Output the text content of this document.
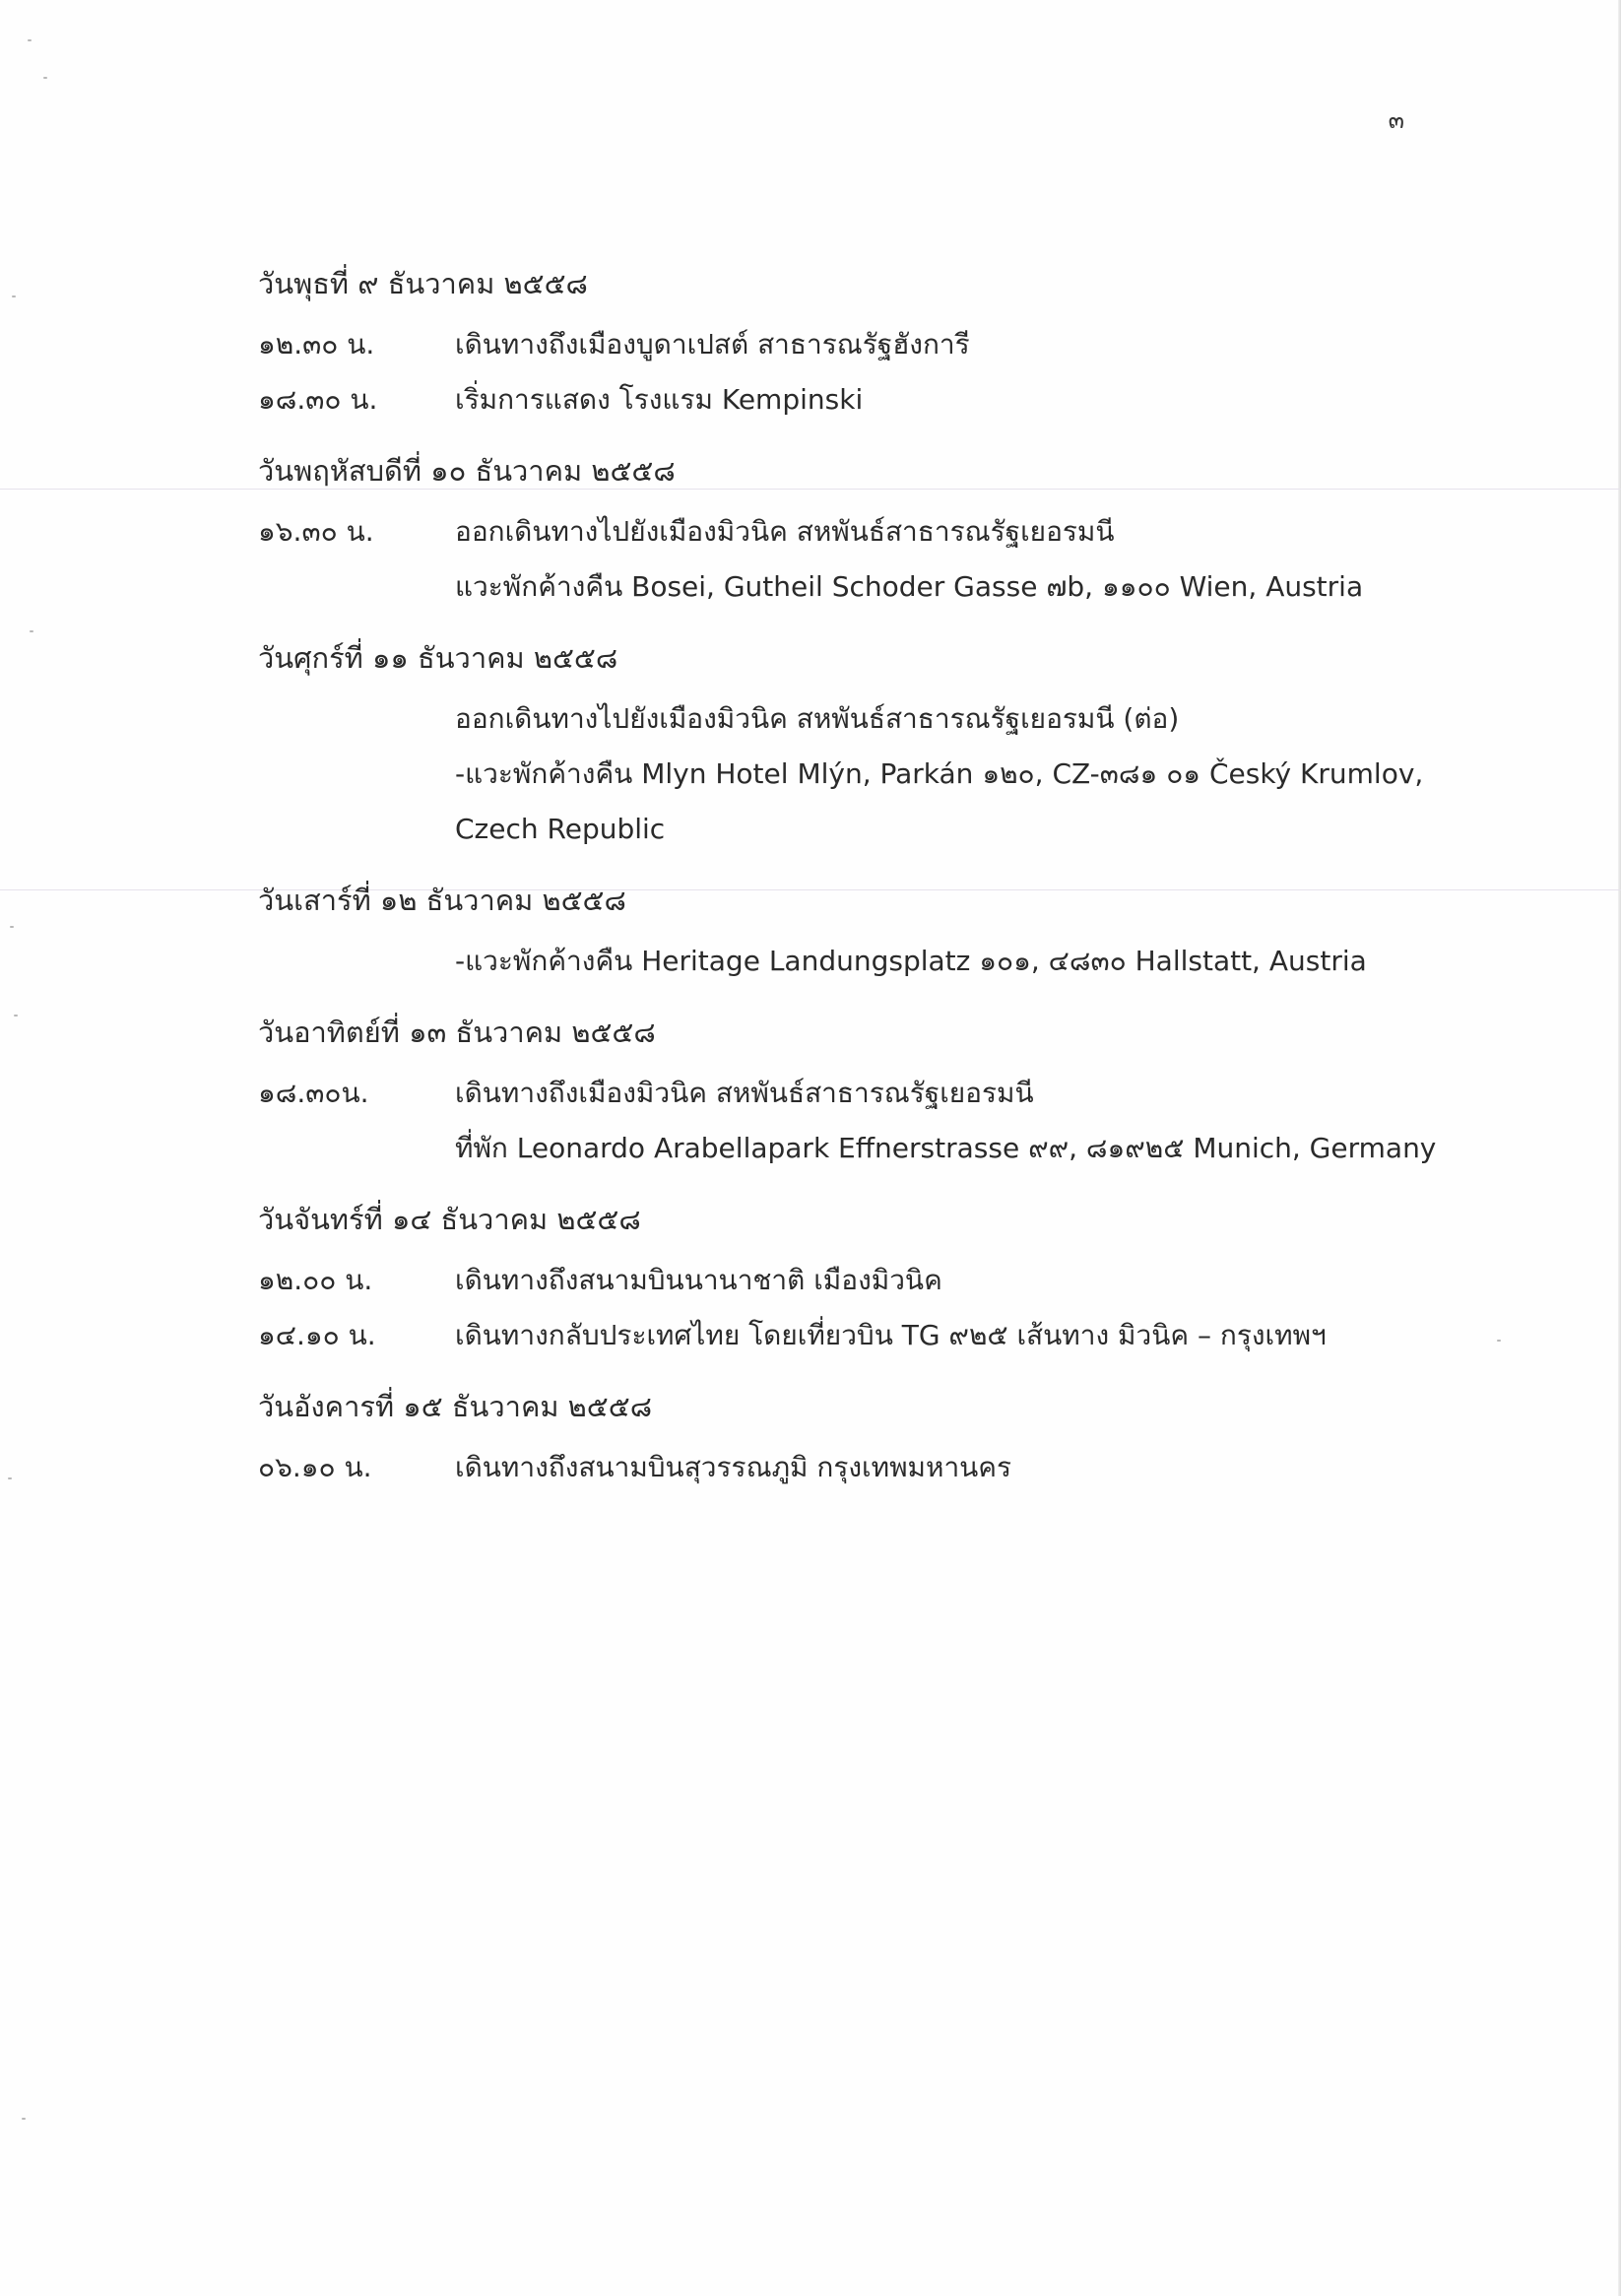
๓
วันพุธที่ ๙ ธันวาคม ๒๕๕๘
๑๒.๓๐ น.	เดินทางถึงเมืองบูดาเปสต์ สาธารณรัฐฮังการี
๑๘.๓๐ น.	เริ่มการแสดง โรงแรม Kempinski
วันพฤหัสบดีที่ ๑๐ ธันวาคม ๒๕๕๘
๑๖.๓๐ น.	ออกเดินทางไปยังเมืองมิวนิค สหพันธ์สาธารณรัฐเยอรมนี
แวะพักค้างคืน Bosei, Gutheil Schoder Gasse ๗b, ๑๑๐๐ Wien, Austria
วันศุกร์ที่ ๑๑ ธันวาคม ๒๕๕๘
ออกเดินทางไปยังเมืองมิวนิค สหพันธ์สาธารณรัฐเยอรมนี (ต่อ)
-แวะพักค้างคืน Mlyn Hotel Mlýn, Parkán ๑๒๐, CZ-๓๘๑ ๐๑ Český Krumlov,
Czech Republic
วันเสาร์ที่ ๑๒ ธันวาคม ๒๕๕๘
-แวะพักค้างคืน Heritage Landungsplatz ๑๐๑, ๔๘๓๐ Hallstatt, Austria
วันอาทิตย์ที่ ๑๓ ธันวาคม ๒๕๕๘
๑๘.๓๐น.	เดินทางถึงเมืองมิวนิค สหพันธ์สาธารณรัฐเยอรมนี
ที่พัก Leonardo Arabellapark Effnerstrasse ๙๙, ๘๑๙๒๕ Munich, Germany
วันจันทร์ที่ ๑๔ ธันวาคม ๒๕๕๘
๑๒.๐๐ น.	เดินทางถึงสนามบินนานาชาติ เมืองมิวนิค
๑๔.๑๐ น.	เดินทางกลับประเทศไทย โดยเที่ยวบิน TG ๙๒๕ เส้นทาง มิวนิค – กรุงเทพฯ
วันอังคารที่ ๑๕ ธันวาคม ๒๕๕๘
๐๖.๑๐ น.	เดินทางถึงสนามบินสุวรรณภูมิ กรุงเทพมหานคร
